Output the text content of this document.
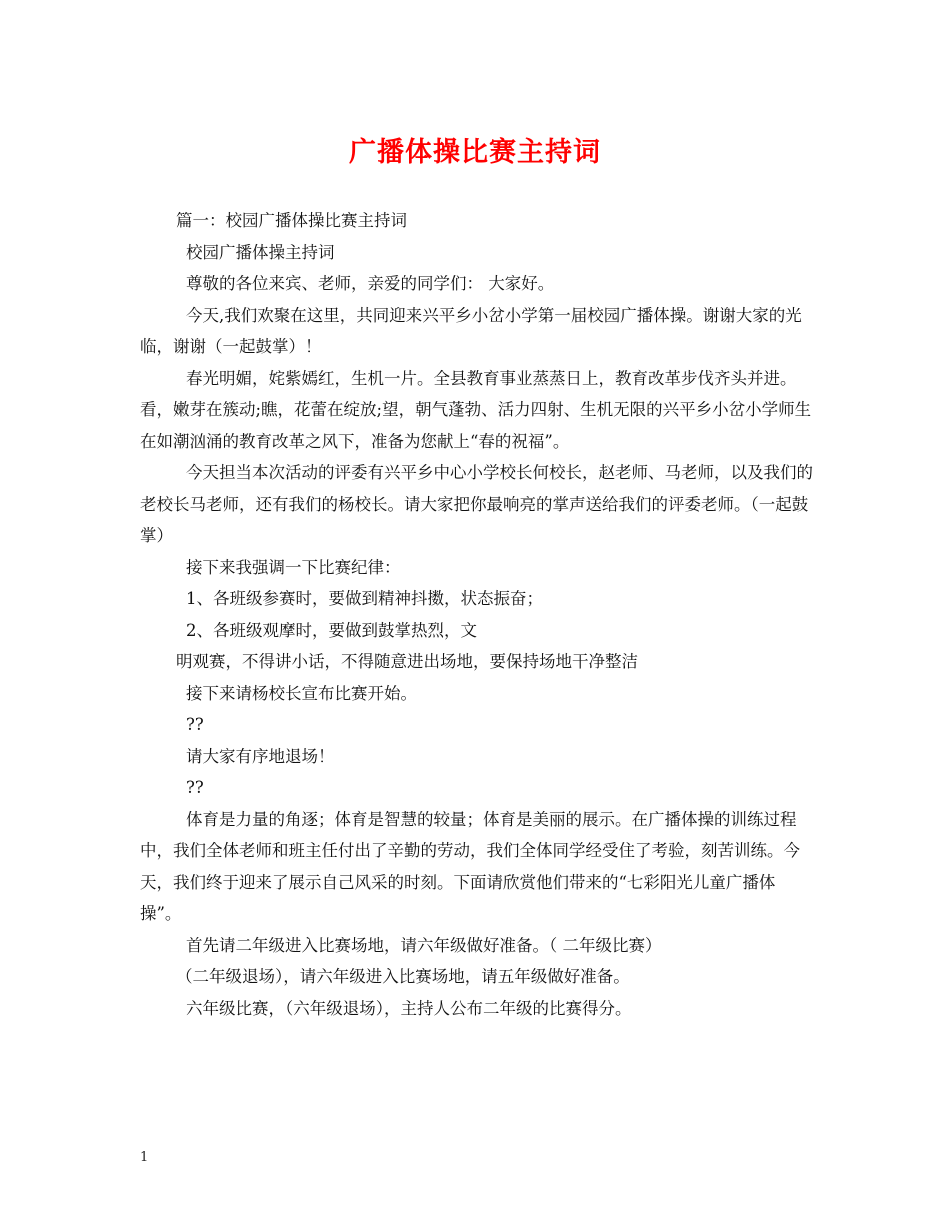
广播体操比赛主持词

篇一：校园广播体操比赛主持词

校园广播体操主持词

尊敬的各位来宾、老师，亲爱的同学们： 大家好。

今天,我们欢聚在这里，共同迎来兴平乡小岔小学第一届校园广播体操。谢谢大家的光临，谢谢（一起鼓掌）！

春光明媚，姹紫嫣红，生机一片。全县教育事业蒸蒸日上，教育改革步伐齐头并进。看，嫩芽在簇动;瞧，花蕾在绽放;望，朝气蓬勃、活力四射、生机无限的兴平乡小岔小学师生在如潮汹涌的教育改革之风下，准备为您献上“春的祝福”。

今天担当本次活动的评委有兴平乡中心小学校长何校长，赵老师、马老师，以及我们的老校长马老师，还有我们的杨校长。请大家把你最响亮的掌声送给我们的评委老师。（一起鼓掌）

接下来我强调一下比赛纪律：

1、各班级参赛时，要做到精神抖擞，状态振奋；

2、各班级观摩时，要做到鼓掌热烈，文

明观赛，不得讲小话，不得随意进出场地，要保持场地干净整洁

接下来请杨校长宣布比赛开始。

??

请大家有序地退场！

??

体育是力量的角逐；体育是智慧的较量；体育是美丽的展示。在广播体操的训练过程中，我们全体老师和班主任付出了辛勤的劳动，我们全体同学经受住了考验，刻苦训练。今天，我们终于迎来了展示自己风采的时刻。下面请欣赏他们带来的“七彩阳光儿童广播体操”。

首先请二年级进入比赛场地，请六年级做好准备。（ 二年级比赛）

（二年级退场），请六年级进入比赛场地，请五年级做好准备。

六年级比赛，（六年级退场），主持人公布二年级的比赛得分。

1
